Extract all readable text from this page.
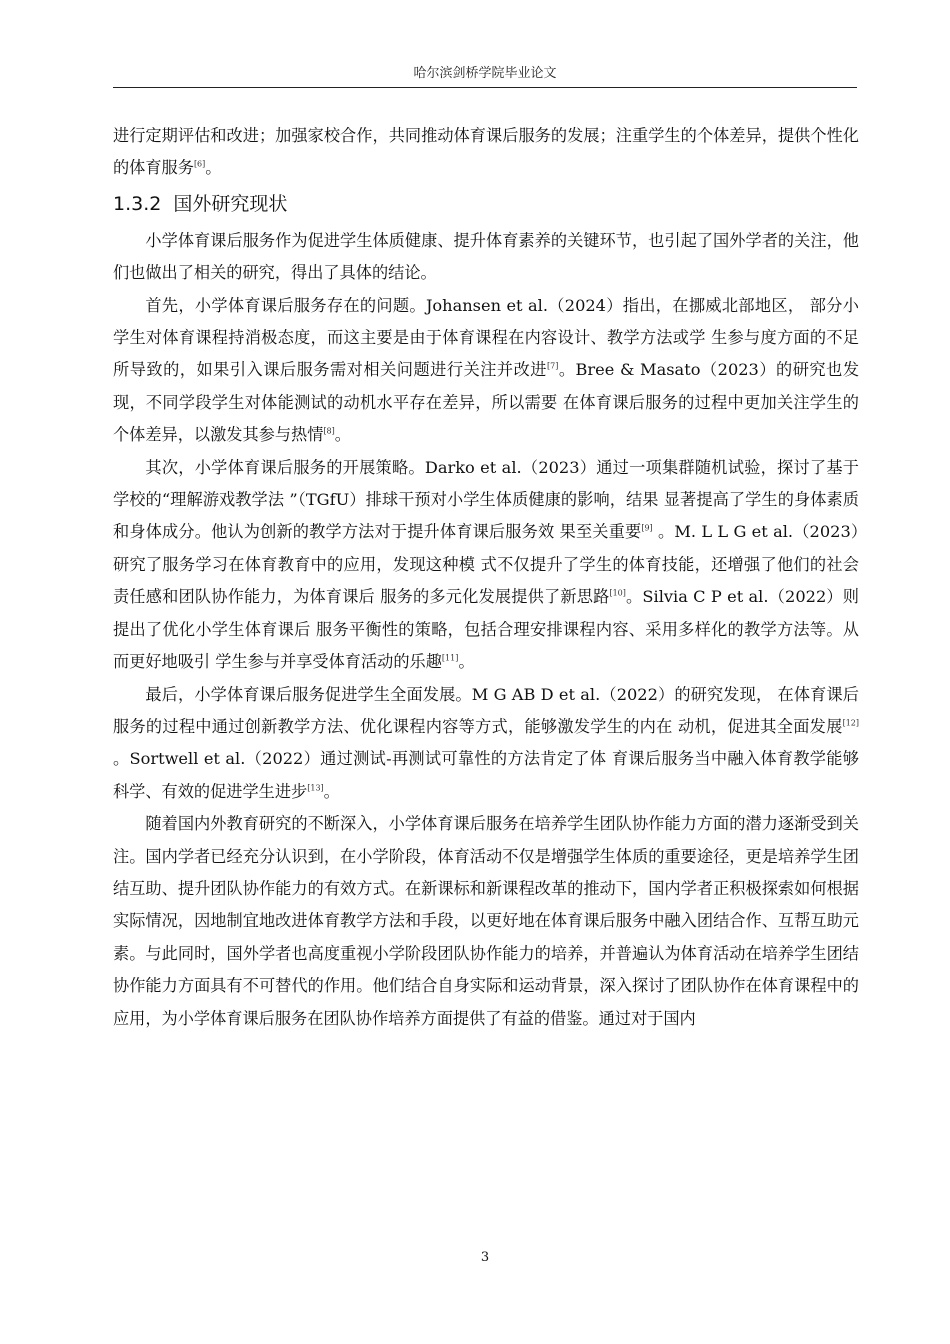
哈尔滨剑桥学院毕业论文

进行定期评估和改进；加强家校合作，共同推动体育课后服务的发展；注重学生的个体差异，提供个性化的体育服务[6]。

1.3.2 国外研究现状

小学体育课后服务作为促进学生体质健康、提升体育素养的关键环节，也引起了国外学者的关注，他们也做出了相关的研究，得出了具体的结论。

首先，小学体育课后服务存在的问题。Johansen et al.（2024）指出，在挪威北部地区， 部分小学生对体育课程持消极态度，而这主要是由于体育课程在内容设计、教学方法或学 生参与度方面的不足所导致的，如果引入课后服务需对相关问题进行关注并改进[7]。Bree & Masato（2023）的研究也发现，不同学段学生对体能测试的动机水平存在差异，所以需要 在体育课后服务的过程中更加关注学生的个体差异，以激发其参与热情[8]。

其次，小学体育课后服务的开展策略。Darko et al.（2023）通过一项集群随机试验，探讨了基于学校的“理解游戏教学法 ”（TGfU）排球干预对小学生体质健康的影响，结果 显著提高了学生的身体素质和身体成分。他认为创新的教学方法对于提升体育课后服务效 果至关重要[9] 。M. L L G et al.（2023）研究了服务学习在体育教育中的应用，发现这种模 式不仅提升了学生的体育技能，还增强了他们的社会责任感和团队协作能力，为体育课后 服务的多元化发展提供了新思路[10]。Silvia C P et al.（2022）则提出了优化小学生体育课后 服务平衡性的策略，包括合理安排课程内容、采用多样化的教学方法等。从而更好地吸引 学生参与并享受体育活动的乐趣[11]。

最后，小学体育课后服务促进学生全面发展。M G AB D et al.（2022）的研究发现， 在体育课后服务的过程中通过创新教学方法、优化课程内容等方式，能够激发学生的内在 动机，促进其全面发展[12] 。Sortwell et al.（2022）通过测试-再测试可靠性的方法肯定了体 育课后服务当中融入体育教学能够科学、有效的促进学生进步[13]。

随着国内外教育研究的不断深入，小学体育课后服务在培养学生团队协作能力方面的潜力逐渐受到关注。国内学者已经充分认识到，在小学阶段，体育活动不仅是增强学生体质的重要途径，更是培养学生团结互助、提升团队协作能力的有效方式。在新课标和新课程改革的推动下，国内学者正积极探索如何根据实际情况，因地制宜地改进体育教学方法和手段，以更好地在体育课后服务中融入团结合作、互帮互助元素。与此同时，国外学者也高度重视小学阶段团队协作能力的培养，并普遍认为体育活动在培养学生团结协作能力方面具有不可替代的作用。他们结合自身实际和运动背景，深入探讨了团队协作在体育课程中的应用，为小学体育课后服务在团队协作培养方面提供了有益的借鉴。通过对于国内

3
